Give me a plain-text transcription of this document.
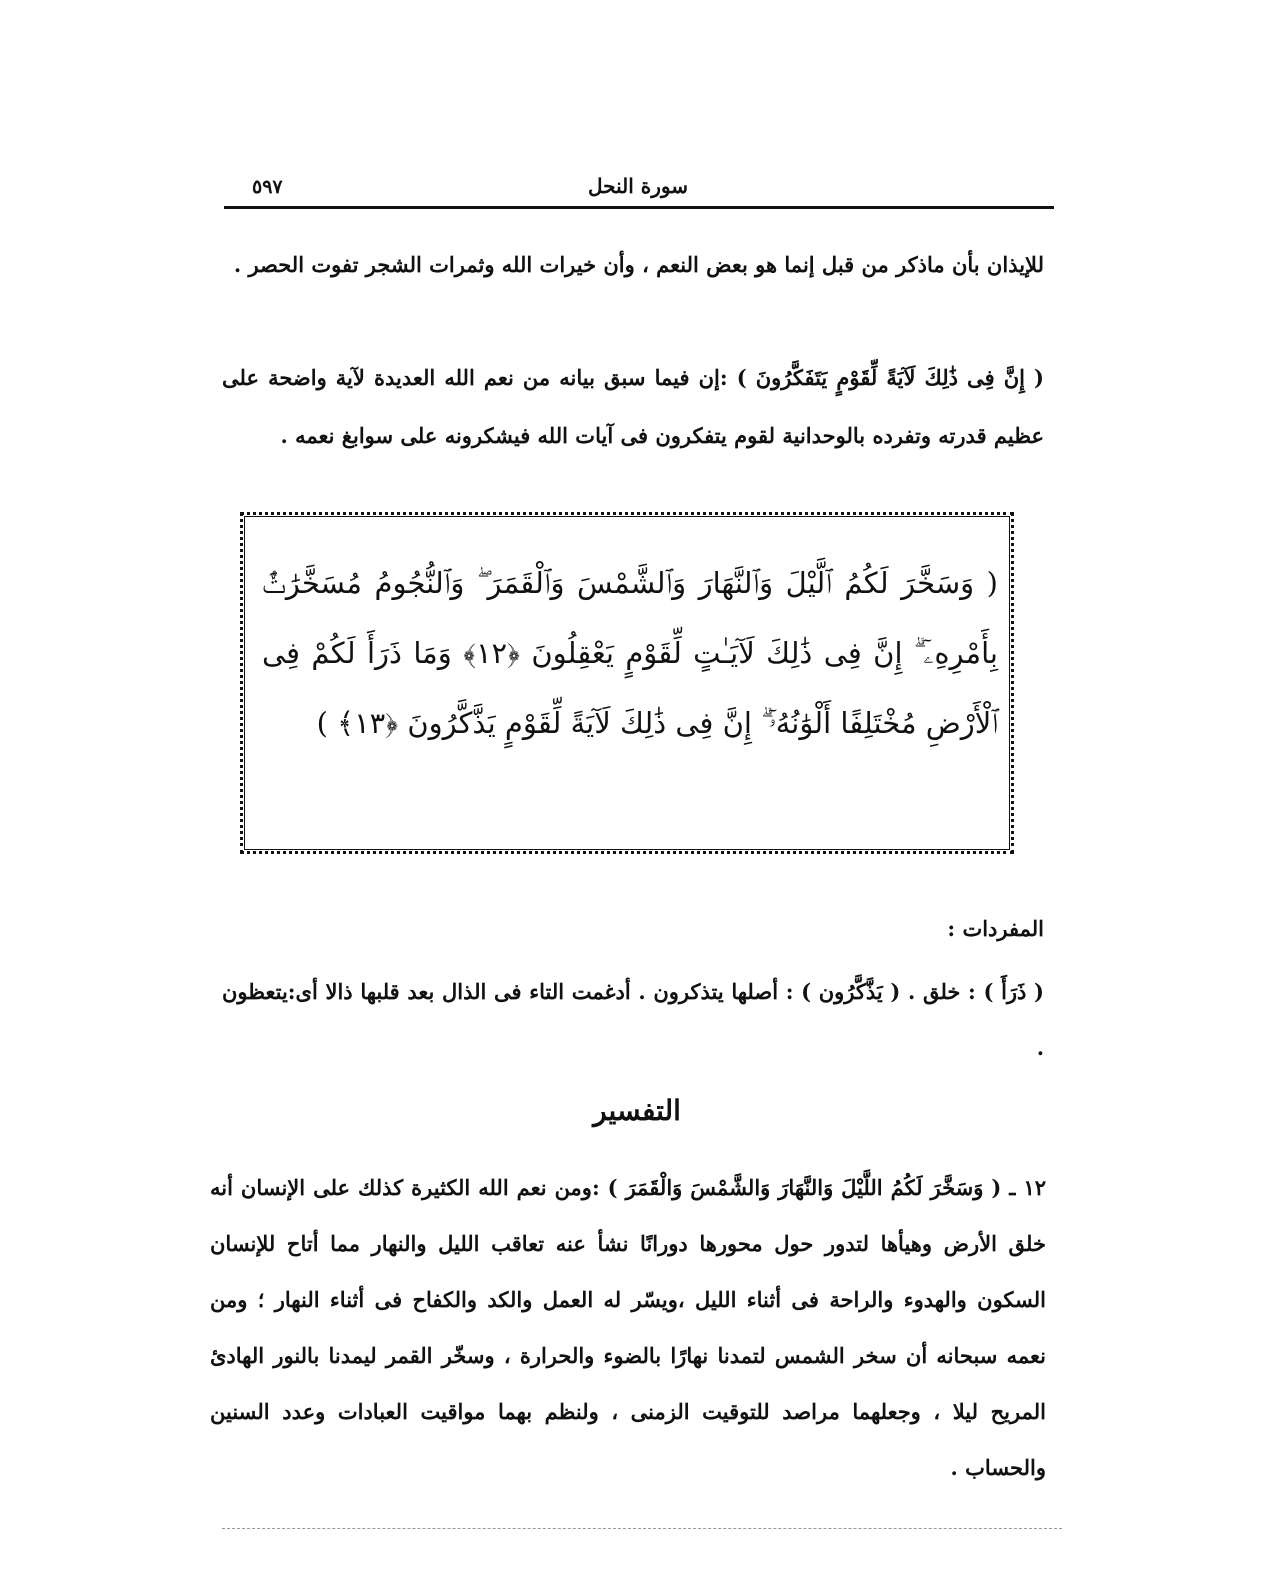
سورة النحل
٥٩٧

للإيذان بأن ماذكر من قبل إنما هو بعض النعم ، وأن خيرات الله وثمرات الشجر تفوت الحصر .

( إِنَّ فِى ذَٰلِكَ لَآيَةً لِّقَوْمٍ يَتَفَكَّرُونَ ) :إن فيما سبق بيانه من نعم الله العديدة لآية واضحة على عظيم قدرته وتفرده بالوحدانية لقوم يتفكرون فى آيات الله فيشكرونه على سوابغ نعمه .

( وَسَخَّرَ لَكُمُ ٱلَّيْلَ وَٱلنَّهَارَ وَٱلشَّمْسَ وَٱلْقَمَرَ ۖ وَٱلنُّجُومُ مُسَخَّرَٰتٌۢ بِأَمْرِهِۦٓ ۗ إِنَّ فِى ذَٰلِكَ لَآيَـٰتٍ لِّقَوْمٍ يَعْقِلُونَ ﴿١٢﴾ وَمَا ذَرَأَ لَكُمْ فِى ٱلْأَرْضِ مُخْتَلِفًا أَلْوَٰنُهُۥٓ ۗ إِنَّ فِى ذَٰلِكَ لَآيَةً لِّقَوْمٍ يَذَّكَّرُونَ ﴿١٣﴾ )
المفردات :

( ذَرَأَ ) : خلق . ( يَذَّكَّرُون ) : أصلها يتذكرون . أدغمت التاء فى الذال بعد قلبها ذالا أى:يتعظون .

التفسير

١٢ ـ ( وَسَخَّرَ لَكُمُ اللَّيْلَ وَالنَّهَارَ وَالشَّمْسَ وَالْقَمَرَ ) :ومن نعم الله الكثيرة كذلك على الإنسان أنه خلق الأرض وهيأها لتدور حول محورها دورانًا نشأ عنه تعاقب الليل والنهار مما أتاح للإنسان السكون والهدوء والراحة فى أثناء الليل ،ويسّر له العمل والكد والكفاح فى أثناء النهار ؛ ومن نعمه سبحانه أن سخر الشمس لتمدنا نهارًا بالضوء والحرارة ، وسخّر القمر ليمدنا بالنور الهادئ المريح ليلا ، وجعلهما مراصد للتوقيت الزمنى ، ولنظم بهما مواقيت العبادات وعدد السنين والحساب .
